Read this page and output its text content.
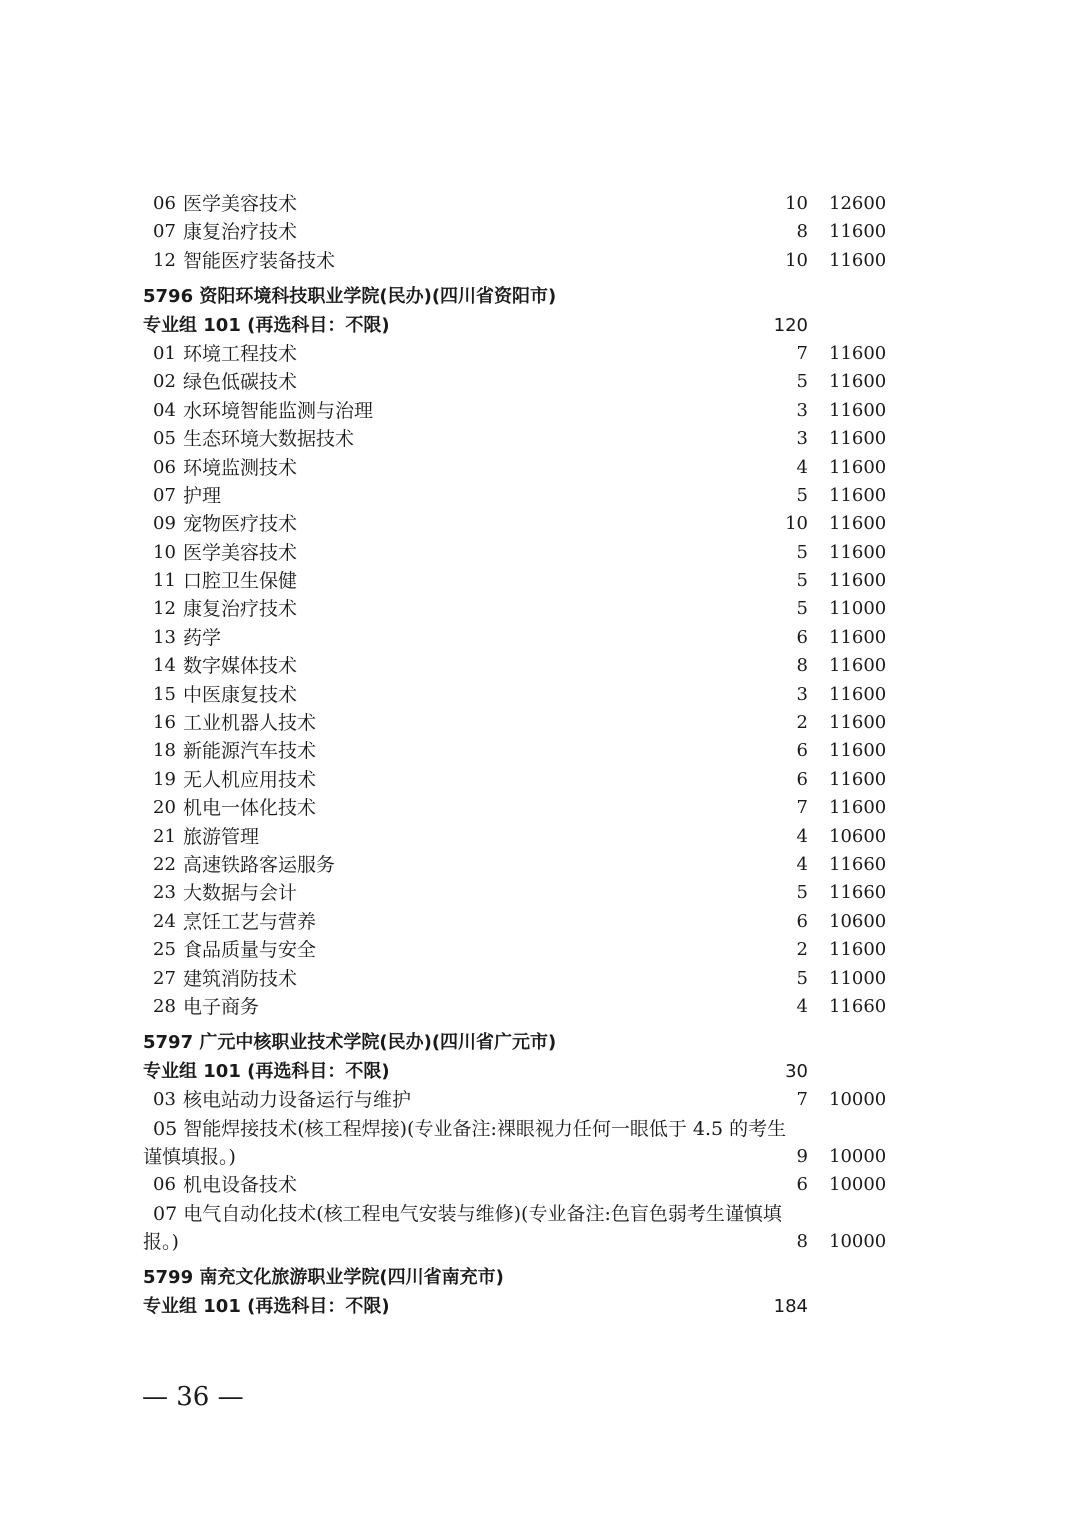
06 医学美容技术	10 12600
07 康复治疗技术	8 11600
12 智能医疗装备技术	10 11600
5796 资阳环境科技职业学院(民办)(四川省资阳市)
专业组 101 (再选科目：不限)	120
01 环境工程技术	7 11600
02 绿色低碳技术	5 11600
04 水环境智能监测与治理	3 11600
05 生态环境大数据技术	3 11600
06 环境监测技术	4 11600
07 护理	5 11600
09 宠物医疗技术	10 11600
10 医学美容技术	5 11600
11 口腔卫生保健	5 11600
12 康复治疗技术	5 11000
13 药学	6 11600
14 数字媒体技术	8 11600
15 中医康复技术	3 11600
16 工业机器人技术	2 11600
18 新能源汽车技术	6 11600
19 无人机应用技术	6 11600
20 机电一体化技术	7 11600
21 旅游管理	4 10600
22 高速铁路客运服务	4 11660
23 大数据与会计	5 11660
24 烹饪工艺与营养	6 10600
25 食品质量与安全	2 11600
27 建筑消防技术	5 11000
28 电子商务	4 11660
5797 广元中核职业技术学院(民办)(四川省广元市)
专业组 101 (再选科目：不限)	30
03 核电站动力设备运行与维护	7 10000
05 智能焊接技术(核工程焊接)(专业备注:裸眼视力任何一眼低于 4.5 的考生
谨慎填报。)	9 10000
06 机电设备技术	6 10000
07 电气自动化技术(核工程电气安装与维修)(专业备注:色盲色弱考生谨慎填
报。)	8 10000
5799 南充文化旅游职业学院(四川省南充市)
专业组 101 (再选科目：不限)	184
— 36 —
